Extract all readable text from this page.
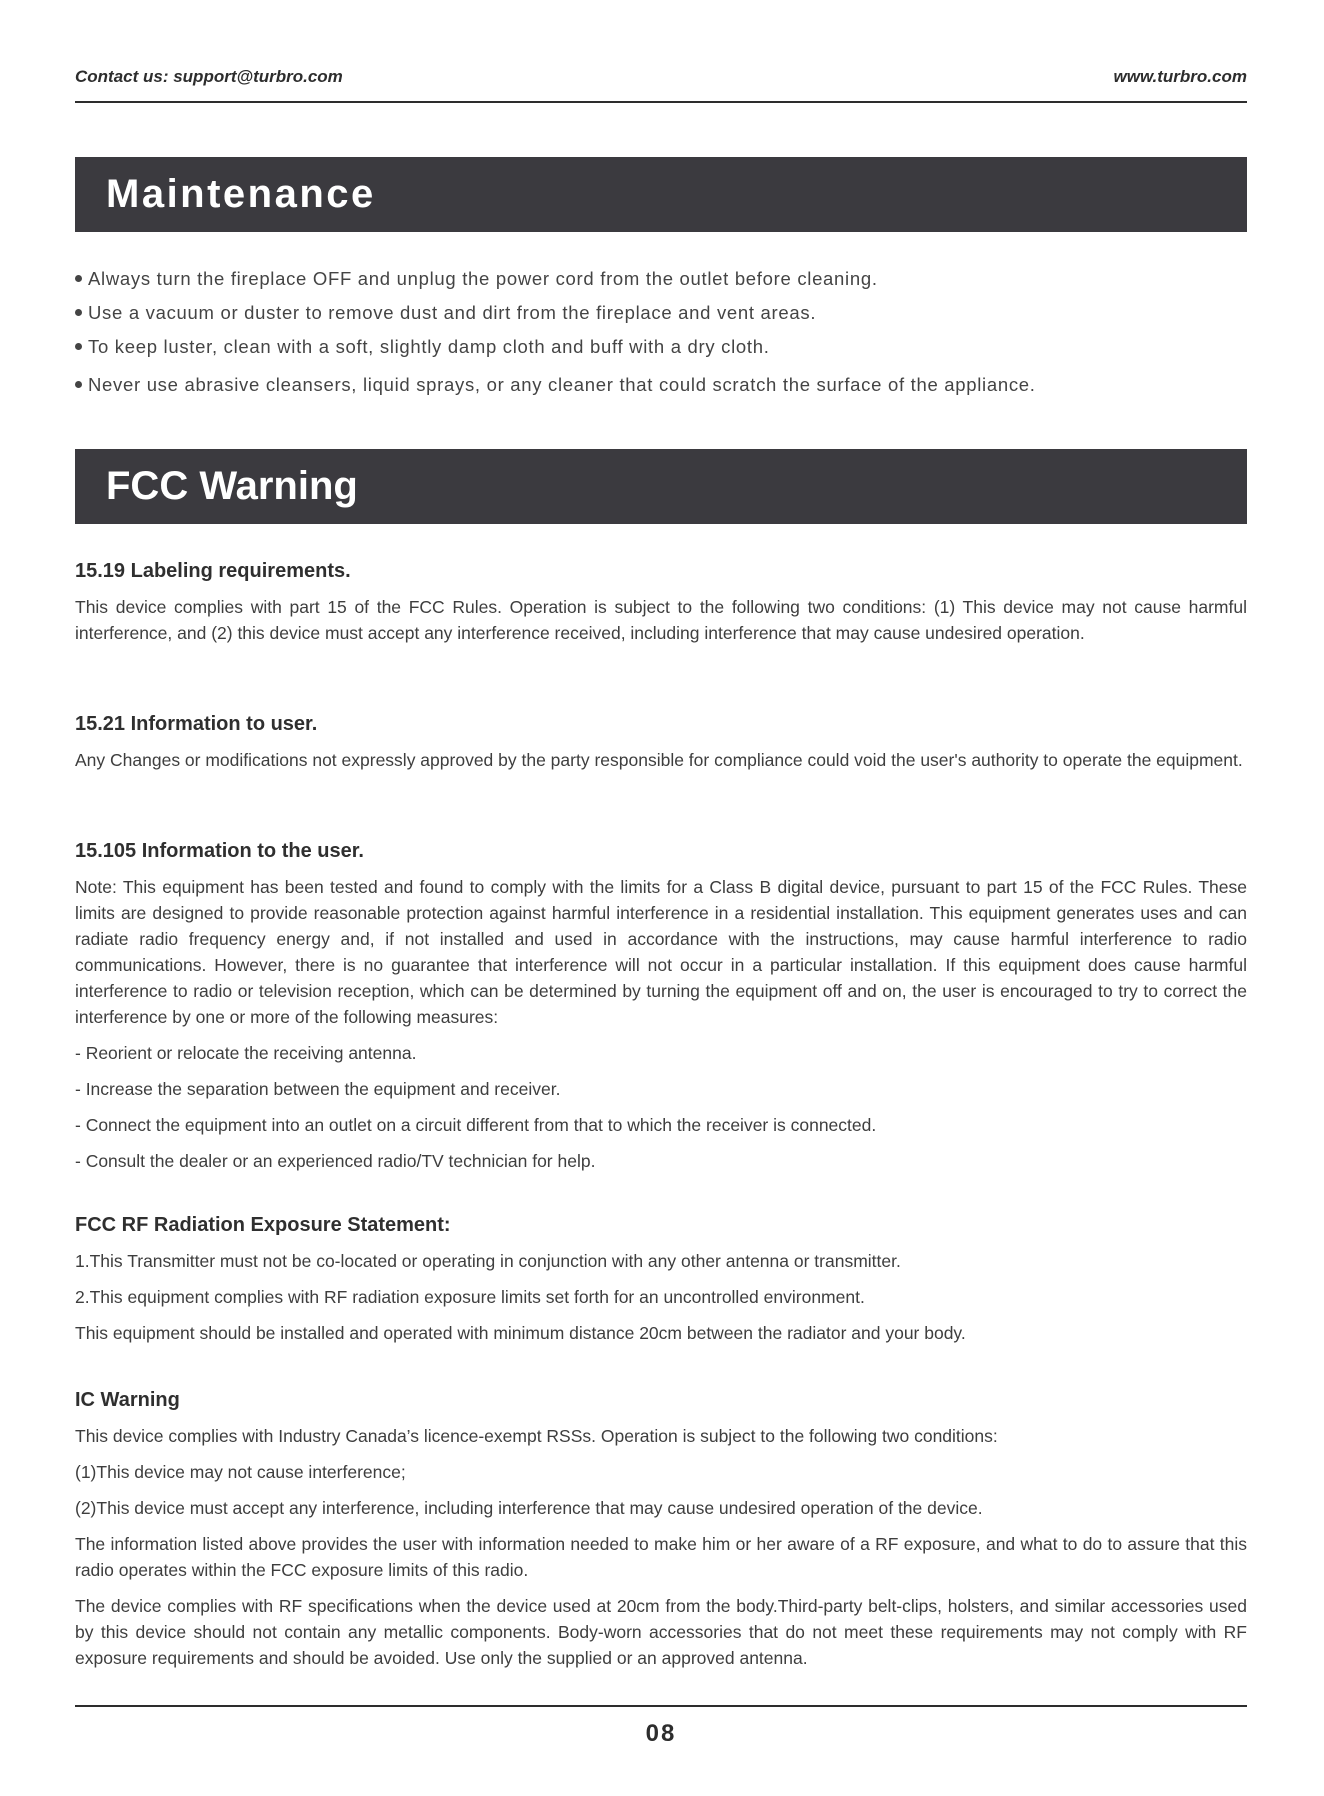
Contact us: support@turbro.com	www.turbro.com
Maintenance
Always turn the fireplace OFF and unplug the power cord from the outlet before cleaning.
Use a vacuum or duster to remove dust and dirt from the fireplace and vent areas.
To keep luster, clean with a soft, slightly damp cloth and buff with a dry cloth.
Never use abrasive cleansers, liquid sprays, or any cleaner that could scratch the surface of the appliance.
FCC Warning
15.19 Labeling requirements.

This device complies with part 15 of the FCC Rules. Operation is subject to the following two conditions: (1) This device may not cause harmful interference, and (2) this device must accept any interference received, including interference that may cause undesired operation.

15.21 Information to user.

Any Changes or modifications not expressly approved by the party responsible for compliance could void the user's authority to operate the equipment.

15.105 Information to the user.

Note: This equipment has been tested and found to comply with the limits for a Class B digital device, pursuant to part 15 of the FCC Rules. These limits are designed to provide reasonable protection against harmful interference in a residential installation. This equipment generates uses and can radiate radio frequency energy and, if not installed and used in accordance with the instructions, may cause harmful interference to radio communications. However, there is no guarantee that interference will not occur in a particular installation. If this equipment does cause harmful interference to radio or television reception, which can be determined by turning the equipment off and on, the user is encouraged to try to correct the interference by one or more of the following measures:

- Reorient or relocate the receiving antenna.
- Increase the separation between the equipment and receiver.
- Connect the equipment into an outlet on a circuit different from that to which the receiver is connected.
- Consult the dealer or an experienced radio/TV technician for help.
FCC RF Radiation Exposure Statement:
1.This Transmitter must not be co-located or operating in conjunction with any other antenna or transmitter.
2.This equipment complies with RF radiation exposure limits set forth for an uncontrolled environment.
This equipment should be installed and operated with minimum distance 20cm between the radiator and your body.
IC Warning
This device complies with Industry Canada’s licence-exempt RSSs. Operation is subject to the following two conditions:
(1)This device may not cause interference;
(2)This device must accept any interference, including interference that may cause undesired operation of the device.

The information listed above provides the user with information needed to make him or her aware of a RF exposure, and what to do to assure that this radio operates within the FCC exposure limits of this radio.

The device complies with RF specifications when the device used at 20cm from the body.Third-party belt-clips, holsters, and similar accessories used by this device should not contain any metallic components. Body-worn accessories that do not meet these requirements may not comply with RF exposure requirements and should be avoided. Use only the supplied or an approved antenna.

08
